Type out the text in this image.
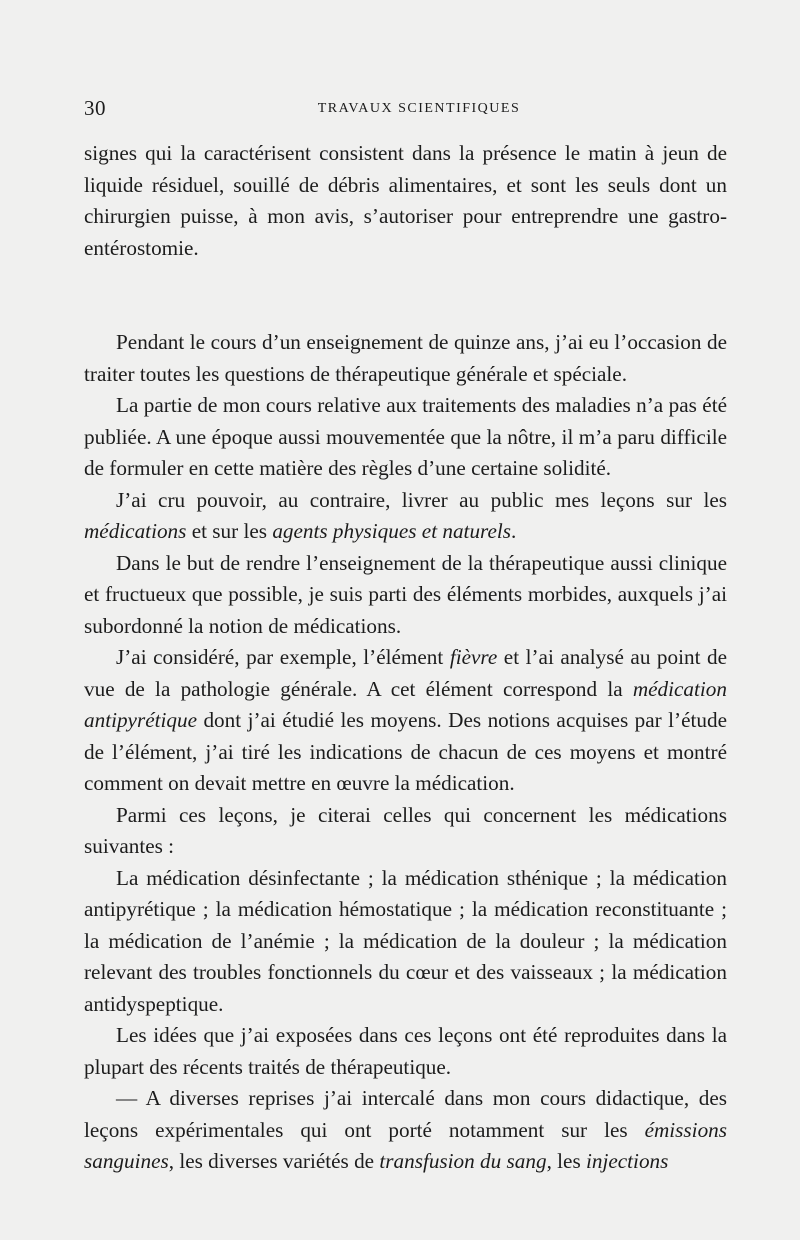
30	TRAVAUX SCIENTIFIQUES

signes qui la caractérisent consistent dans la présence le matin à jeun de liquide résiduel, souillé de débris alimentaires, et sont les seuls dont un chirurgien puisse, à mon avis, s’autoriser pour entreprendre une gastro-entérostomie.

Pendant le cours d’un enseignement de quinze ans, j’ai eu l’occasion de traiter toutes les questions de thérapeutique générale et spéciale.

La partie de mon cours relative aux traitements des maladies n’a pas été publiée. A une époque aussi mouvementée que la nôtre, il m’a paru difficile de formuler en cette matière des règles d’une certaine solidité.

J’ai cru pouvoir, au contraire, livrer au public mes leçons sur les médications et sur les agents physiques et naturels.

Dans le but de rendre l’enseignement de la thérapeutique aussi clinique et fructueux que possible, je suis parti des éléments morbides, auxquels j’ai subordonné la notion de médications.

J’ai considéré, par exemple, l’élément fièvre et l’ai analysé au point de vue de la pathologie générale. A cet élément correspond la médication antipyrétique dont j’ai étudié les moyens. Des notions acquises par l’étude de l’élément, j’ai tiré les indications de chacun de ces moyens et montré comment on devait mettre en œuvre la médication.

Parmi ces leçons, je citerai celles qui concernent les médications suivantes :

La médication désinfectante ; la médication sthénique ; la médication antipyrétique ; la médication hémostatique ; la médication reconstituante ; la médication de l’anémie ; la médication de la douleur ; la médication relevant des troubles fonctionnels du cœur et des vaisseaux ; la médication antidyspeptique.

Les idées que j’ai exposées dans ces leçons ont été reproduites dans la plupart des récents traités de thérapeutique.

— A diverses reprises j’ai intercalé dans mon cours didactique, des leçons expérimentales qui ont porté notamment sur les émissions sanguines, les diverses variétés de transfusion du sang, les injections
